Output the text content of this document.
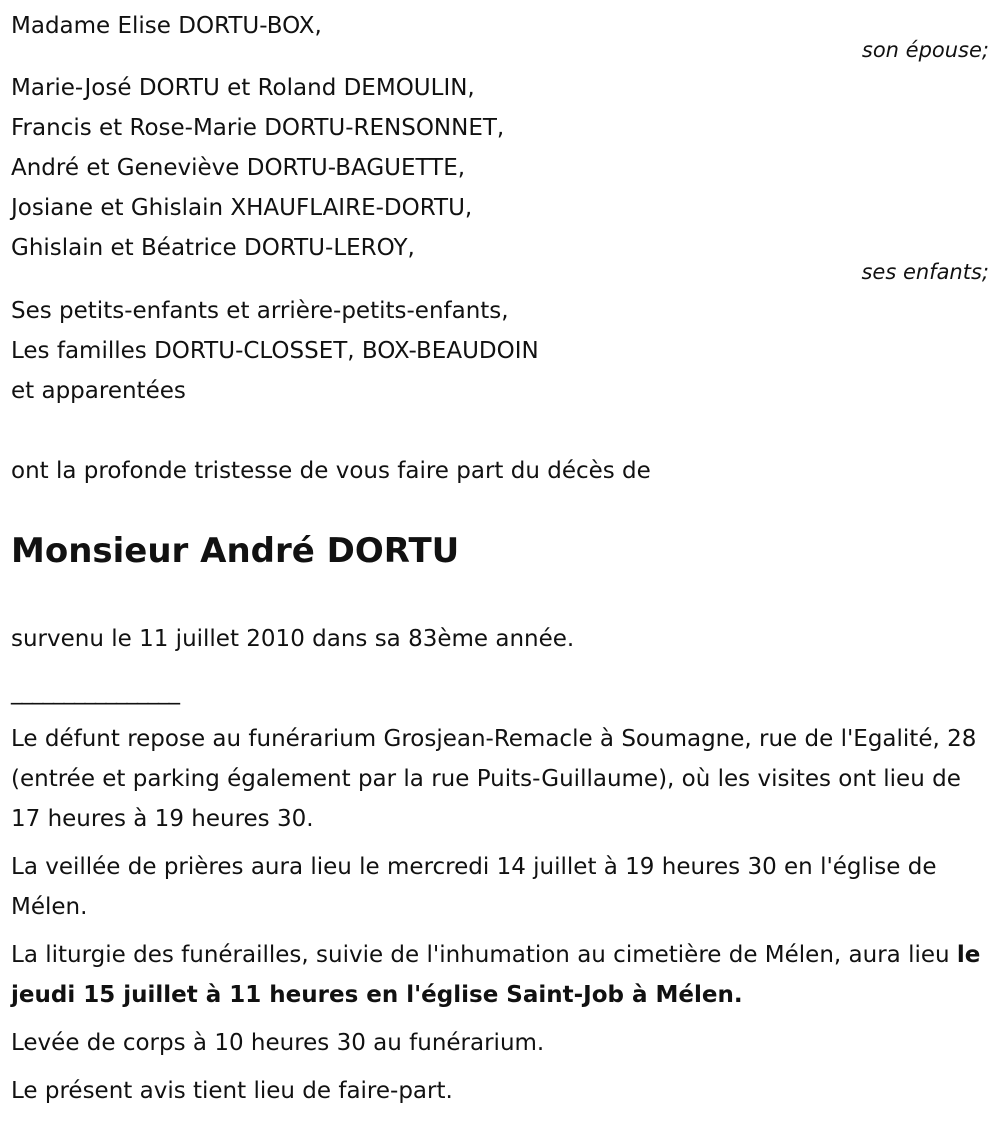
Madame Elise DORTU-BOX,

son épouse;

Marie-José DORTU et Roland DEMOULIN,

Francis et Rose-Marie DORTU-RENSONNET,

André et Geneviève DORTU-BAGUETTE,

Josiane et Ghislain XHAUFLAIRE-DORTU,

Ghislain et Béatrice DORTU-LEROY,

ses enfants;

Ses petits-enfants et arrière-petits-enfants,

Les familles DORTU-CLOSSET, BOX-BEAUDOIN

et apparentées

ont la profonde tristesse de vous faire part du décès de

Monsieur André DORTU

survenu le 11 juillet 2010 dans sa 83ème année.

________________

Le défunt repose au funérarium Grosjean-Remacle à Soumagne, rue de l'Egalité, 28 (entrée et parking également par la rue Puits-Guillaume), où les visites ont lieu de 17 heures à 19 heures 30.

La veillée de prières aura lieu le mercredi 14 juillet à 19 heures 30 en l'église de Mélen.

La liturgie des funérailles, suivie de l'inhumation au cimetière de Mélen, aura lieu le jeudi 15 juillet à 11 heures en l'église Saint-Job à Mélen.

Levée de corps à 10 heures 30 au funérarium.

Le présent avis tient lieu de faire-part.
